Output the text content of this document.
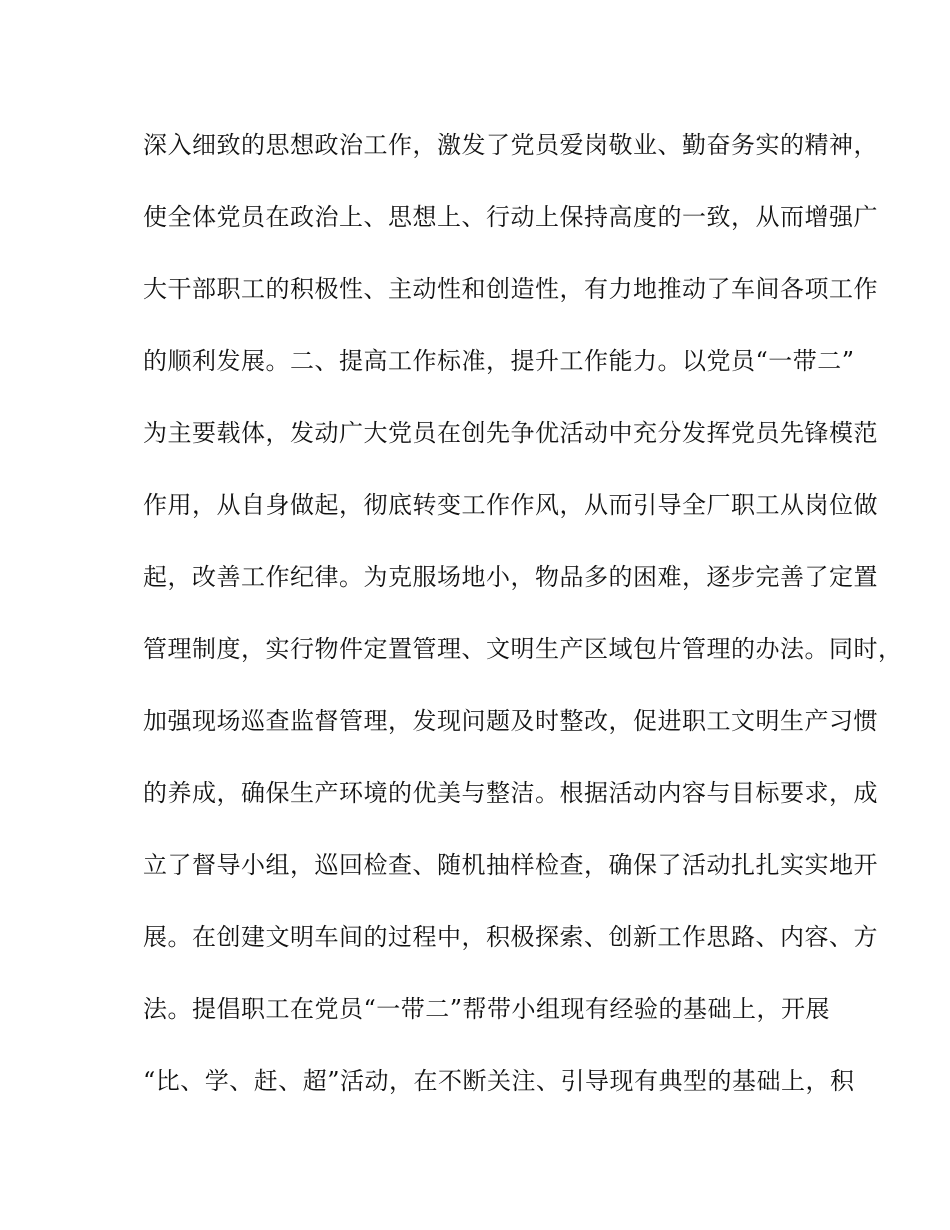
深入细致的思想政治工作，激发了党员爱岗敬业、勤奋务实的精神，
使全体党员在政治上、思想上、行动上保持高度的一致，从而增强广
大干部职工的积极性、主动性和创造性，有力地推动了车间各项工作
的顺利发展。二、提高工作标准，提升工作能力。以党员“一带二”
为主要载体，发动广大党员在创先争优活动中充分发挥党员先锋模范
作用，从自身做起，彻底转变工作作风，从而引导全厂职工从岗位做
起，改善工作纪律。为克服场地小，物品多的困难，逐步完善了定置
管理制度，实行物件定置管理、文明生产区域包片管理的办法。同时，
加强现场巡查监督管理，发现问题及时整改，促进职工文明生产习惯
的养成，确保生产环境的优美与整洁。根据活动内容与目标要求，成
立了督导小组，巡回检查、随机抽样检查，确保了活动扎扎实实地开
展。在创建文明车间的过程中，积极探索、创新工作思路、内容、方
法。提倡职工在党员“一带二”帮带小组现有经验的基础上，开展
“比、学、赶、超”活动，在不断关注、引导现有典型的基础上，积
